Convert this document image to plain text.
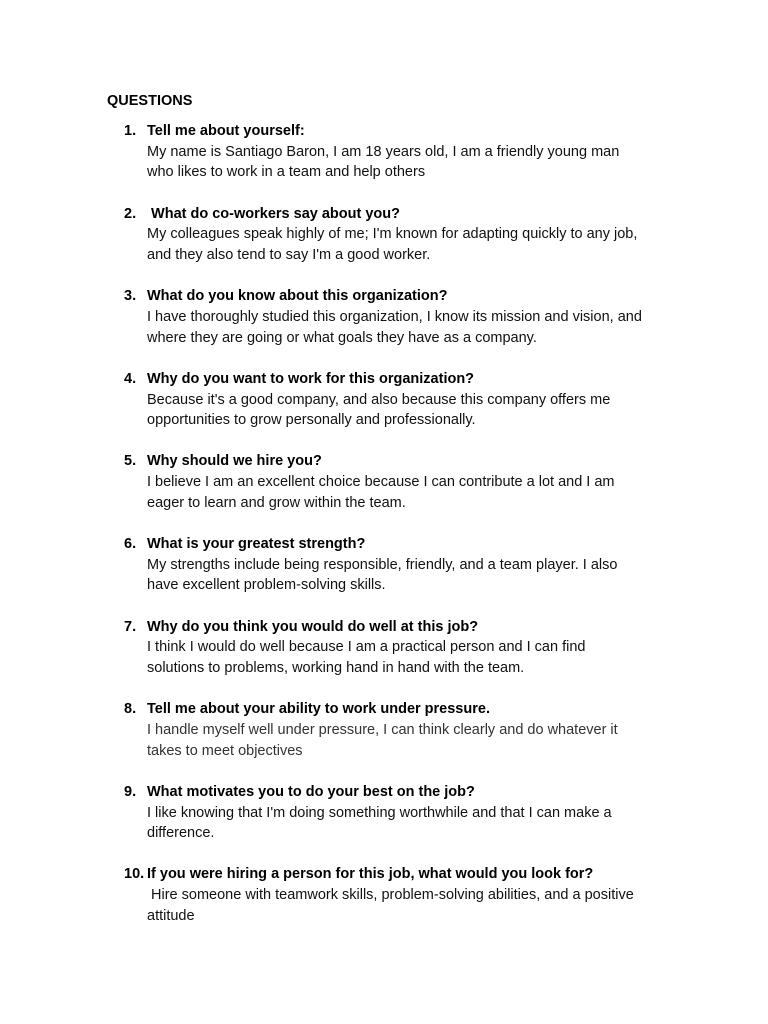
QUESTIONS
1. Tell me about yourself:
My name is Santiago Baron, I am 18 years old, I am a friendly young man
who likes to work in a team and help others
2. What do co-workers say about you?
My colleagues speak highly of me; I'm known for adapting quickly to any job,
and they also tend to say I'm a good worker.
3. What do you know about this organization?
I have thoroughly studied this organization, I know its mission and vision, and
where they are going or what goals they have as a company.
4. Why do you want to work for this organization?
Because it's a good company, and also because this company offers me
opportunities to grow personally and professionally.
5. Why should we hire you?
I believe I am an excellent choice because I can contribute a lot and I am
eager to learn and grow within the team.
6. What is your greatest strength?
My strengths include being responsible, friendly, and a team player. I also
have excellent problem-solving skills.
7. Why do you think you would do well at this job?
I think I would do well because I am a practical person and I can find
solutions to problems, working hand in hand with the team.
8. Tell me about your ability to work under pressure.
I handle myself well under pressure, I can think clearly and do whatever it
takes to meet objectives
9. What motivates you to do your best on the job?
I like knowing that I'm doing something worthwhile and that I can make a
difference.
10. If you were hiring a person for this job, what would you look for?
Hire someone with teamwork skills, problem-solving abilities, and a positive
attitude
